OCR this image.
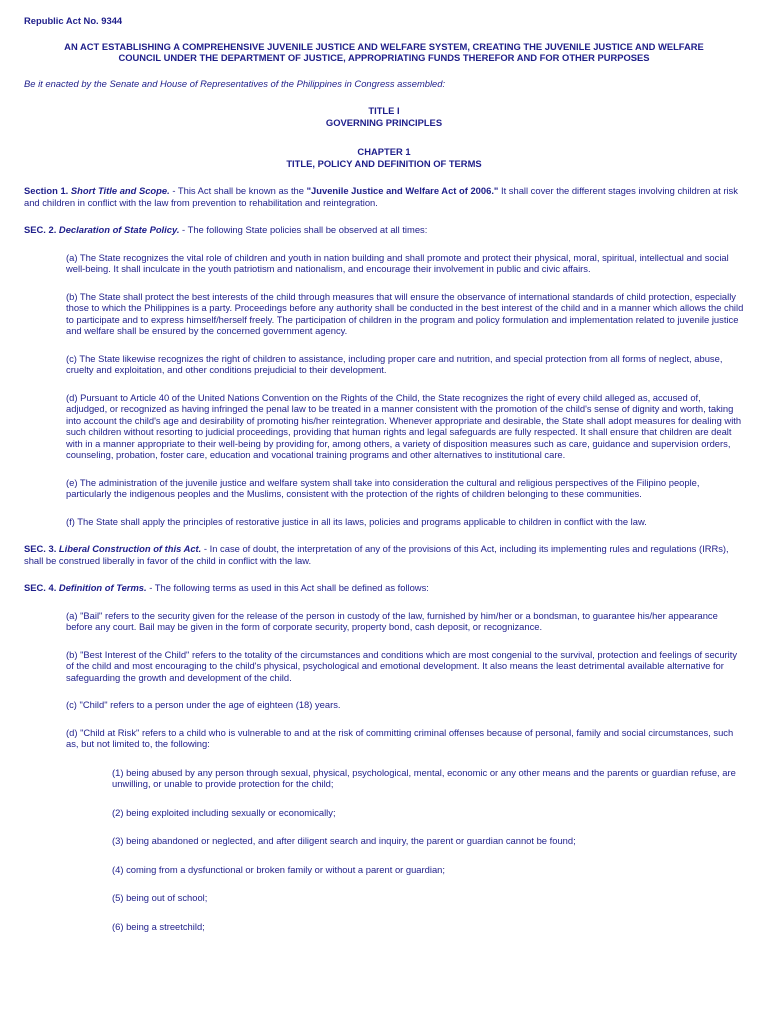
Republic Act No. 9344

AN ACT ESTABLISHING A COMPREHENSIVE JUVENILE JUSTICE AND WELFARE SYSTEM, CREATING THE JUVENILE JUSTICE AND WELFARE
COUNCIL UNDER THE DEPARTMENT OF JUSTICE, APPROPRIATING FUNDS THEREFOR AND FOR OTHER PURPOSES

Be it enacted by the Senate and House of Representatives of the Philippines in Congress assembled:

TITLE I
GOVERNING PRINCIPLES
CHAPTER 1
TITLE, POLICY AND DEFINITION OF TERMS

Section 1. Short Title and Scope. - This Act shall be known as the "Juvenile Justice and Welfare Act of 2006." It shall cover the different stages involving children at risk and children in conflict with the law from prevention to rehabilitation and reintegration.

SEC. 2. Declaration of State Policy. - The following State policies shall be observed at all times:

(a) The State recognizes the vital role of children and youth in nation building and shall promote and protect their physical, moral, spiritual, intellectual and social well-being. It shall inculcate in the youth patriotism and nationalism, and encourage their involvement in public and civic affairs.

(b) The State shall protect the best interests of the child through measures that will ensure the observance of international standards of child protection, especially those to which the Philippines is a party. Proceedings before any authority shall be conducted in the best interest of the child and in a manner which allows the child to participate and to express himself/herself freely. The participation of children in the program and policy formulation and implementation related to juvenile justice and welfare shall be ensured by the concerned government agency.

(c) The State likewise recognizes the right of children to assistance, including proper care and nutrition, and special protection from all forms of neglect, abuse, cruelty and exploitation, and other conditions prejudicial to their development.

(d) Pursuant to Article 40 of the United Nations Convention on the Rights of the Child, the State recognizes the right of every child alleged as, accused of, adjudged, or recognized as having infringed the penal law to be treated in a manner consistent with the promotion of the child's sense of dignity and worth, taking into account the child's age and desirability of promoting his/her reintegration. Whenever appropriate and desirable, the State shall adopt measures for dealing with such children without resorting to judicial proceedings, providing that human rights and legal safeguards are fully respected. It shall ensure that children are dealt with in a manner appropriate to their well-being by providing for, among others, a variety of disposition measures such as care, guidance and supervision orders, counseling, probation, foster care, education and vocational training programs and other alternatives to institutional care.

(e) The administration of the juvenile justice and welfare system shall take into consideration the cultural and religious perspectives of the Filipino people, particularly the indigenous peoples and the Muslims, consistent with the protection of the rights of children belonging to these communities.

(f) The State shall apply the principles of restorative justice in all its laws, policies and programs applicable to children in conflict with the law.

SEC. 3. Liberal Construction of this Act. - In case of doubt, the interpretation of any of the provisions of this Act, including its implementing rules and regulations (IRRs), shall be construed liberally in favor of the child in conflict with the law.

SEC. 4. Definition of Terms. - The following terms as used in this Act shall be defined as follows:

(a) "Bail" refers to the security given for the release of the person in custody of the law, furnished by him/her or a bondsman, to guarantee his/her appearance before any court. Bail may be given in the form of corporate security, property bond, cash deposit, or recognizance.

(b) "Best Interest of the Child" refers to the totality of the circumstances and conditions which are most congenial to the survival, protection and feelings of security of the child and most encouraging to the child's physical, psychological and emotional development. It also means the least detrimental available alternative for safeguarding the growth and development of the child.

(c) "Child" refers to a person under the age of eighteen (18) years.

(d) "Child at Risk" refers to a child who is vulnerable to and at the risk of committing criminal offenses because of personal, family and social circumstances, such as, but not limited to, the following:

(1) being abused by any person through sexual, physical, psychological, mental, economic or any other means and the parents or guardian refuse, are unwilling, or unable to provide protection for the child;

(2) being exploited including sexually or economically;

(3) being abandoned or neglected, and after diligent search and inquiry, the parent or guardian cannot be found;

(4) coming from a dysfunctional or broken family or without a parent or guardian;

(5) being out of school;

(6) being a streetchild;
